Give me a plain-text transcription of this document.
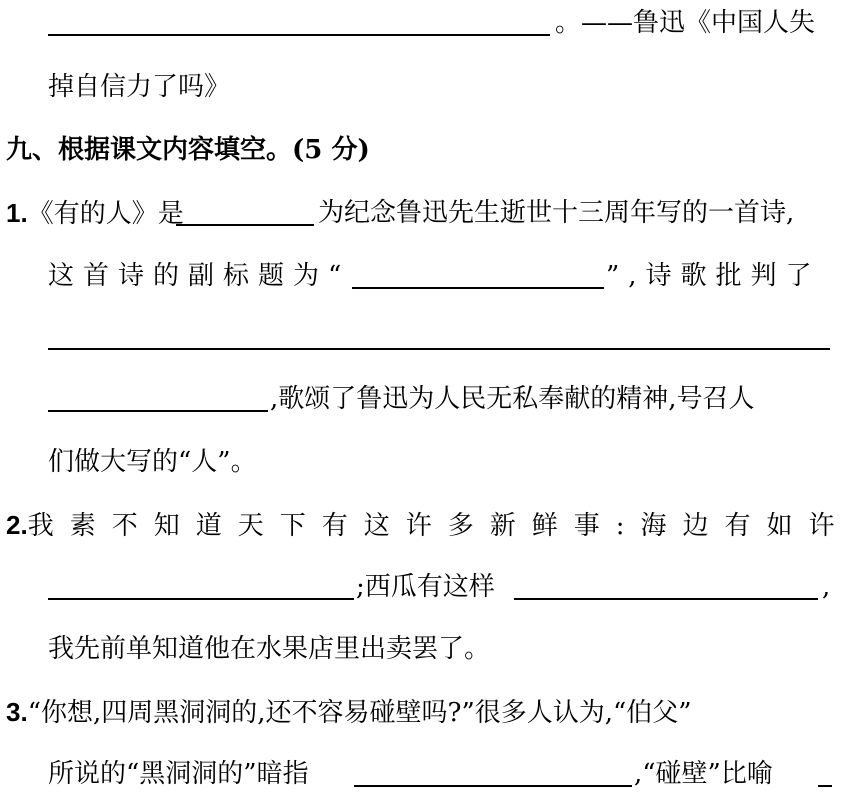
。——鲁迅《中国人失
掉自信力了吗》
九、根据课文内容填空。(5 分)
1.《有的人》是	为纪念鲁迅先生逝世十三周年写的一首诗,
这首诗的副标题为“	”,诗歌批判了
,歌颂了鲁迅为人民无私奉献的精神,号召人
们做大写的“人”。
2.我素不知道天下有这许多新鲜事:海边有如许
;西瓜有这样	,
我先前单知道他在水果店里出卖罢了。
3.“你想,四周黑洞洞的,还不容易碰壁吗?”很多人认为,“伯父”
所说的“黑洞洞的”暗指	,“碰壁”比喻
